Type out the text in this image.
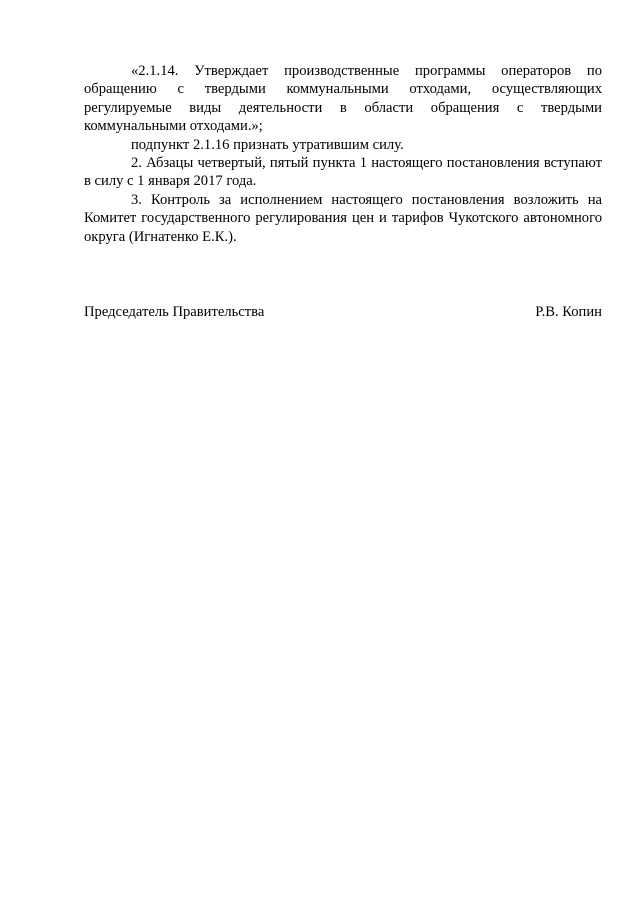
«2.1.14. Утверждает производственные программы операторов по обращению с твердыми коммунальными отходами, осуществляющих регулируемые виды деятельности в области обращения с твердыми коммунальными отходами.»;

подпункт 2.1.16 признать утратившим силу.

2. Абзацы четвертый, пятый пункта 1 настоящего постановления вступают в силу с 1 января 2017 года.

3. Контроль за исполнением настоящего постановления возложить на Комитет государственного регулирования цен и тарифов Чукотского автономного округа (Игнатенко Е.К.).

Председатель Правительства	Р.В. Копин
